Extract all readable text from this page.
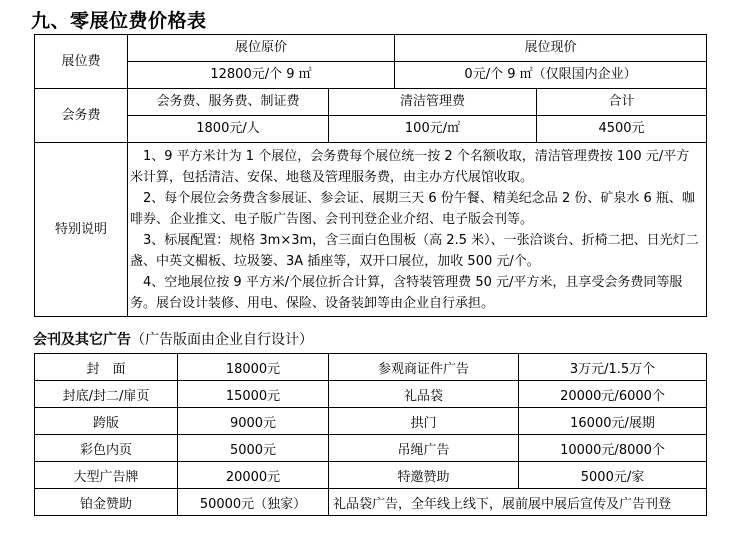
九、零展位费价格表
展位费	展位原价		展位现价	
	12800元/个 9 ㎡		0元/个 9 ㎡（仅限国内企业）	
会务费	会务费、服务费、制证费	清洁管理费		合计
	1800元/人	100元/㎡		4500元
特别说明	1、9 平方米计为 1 个展位，会务费每个展位统一按 2 个名额收取，清洁管理费按 100 元/平方米计算，包括清洁、安保、地毯及管理服务费，由主办方代展馆收取。

2、每个展位会务费含参展证、参会证、展期三天 6 份午餐、精美纪念品 2 份、矿泉水 6 瓶、咖啡券、企业推文、电子版广告图、会刊刊登企业介绍、电子版会刊等。

3、标展配置：规格 3m×3m，含三面白色围板（高 2.5 米）、一张洽谈台、折椅二把、日光灯二盏、中英文楣板、垃圾篓、3A 插座等，双开口展位，加收 500 元/个。

4、空地展位按 9 平方米/个展位折合计算，含特装管理费 50 元/平方米，且享受会务费同等服务。展台设计装修、用电、保险、设备装卸等由企业自行承担。			

会刊及其它广告（广告版面由企业自行设计）
封　面	18000元	参观商证件广告	3万元/1.5万个
封底/封二/扉页	15000元	礼品袋	20000元/6000个
跨版	9000元	拱门	16000元/展期
彩色内页	5000元	吊绳广告	10000元/8000个
大型广告牌	20000元	特邀赞助	5000元/家
铂金赞助	50000元（独家）	礼品袋广告，全年线上线下，展前展中展后宣传及广告刊登	
